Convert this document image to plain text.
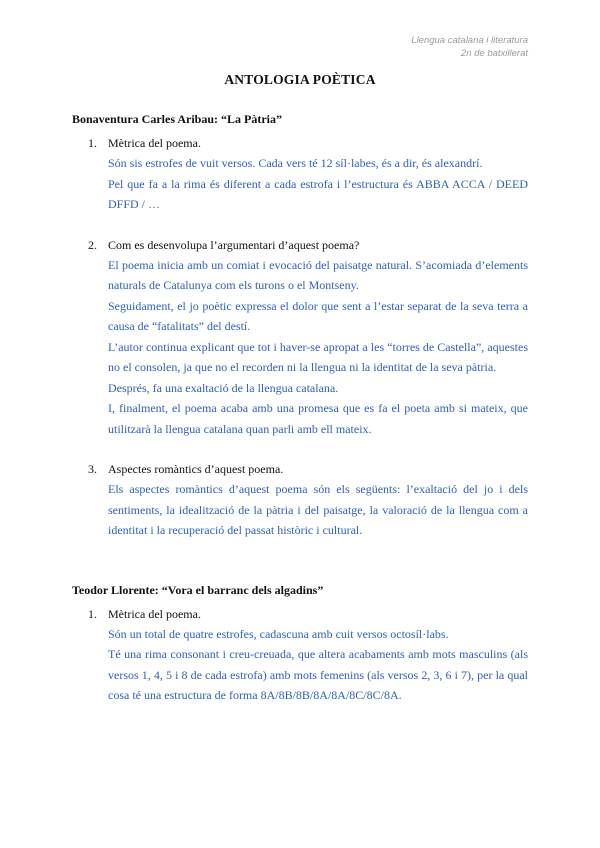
Llengua catalana i literatura
2n de batxillerat
ANTOLOGIA POÈTICA
Bonaventura Carles Aribau: “La Pàtria”
1. Mètrica del poema.

Són sis estrofes de vuit versos. Cada vers té 12 síl·labes, és a dir, és alexandrí.

Pel que fa a la rima és diferent a cada estrofa i l’estructura és ABBA ACCA / DEED DFFD / …

2. Com es desenvolupa l’argumentari d’aquest poema?

El poema inicia amb un comiat i evocació del paisatge natural. S’acomiada d’elements naturals de Catalunya com els turons o el Montseny.

Seguidament, el jo poètic expressa el dolor que sent a l’estar separat de la seva terra a causa de “fatalitats” del destí.

L’autor continua explicant que tot i haver-se apropat a les “torres de Castella”, aquestes no el consolen, ja que no el recorden ni la llengua ni la identitat de la seva pàtria.

Després, fa una exaltació de la llengua catalana.

I, finalment, el poema acaba amb una promesa que es fa el poeta amb si mateix, que utilitzarà la llengua catalana quan parli amb ell mateix.

3. Aspectes romàntics d’aquest poema.

Els aspectes romàntics d’aquest poema són els següents: l’exaltació del jo i dels sentiments, la idealització de la pàtria i del paisatge, la valoració de la llengua com a identitat i la recuperació del passat històric i cultural.

Teodor Llorente: “Vora el barranc dels algadins”
1. Mètrica del poema.

Són un total de quatre estrofes, cadascuna amb cuit versos octosíl·labs.

Té una rima consonant i creu-creuada, que altera acabaments amb mots masculins (als versos 1, 4, 5 i 8 de cada estrofa) amb mots femenins (als versos 2, 3, 6 i 7), per la qual cosa té una estructura de forma 8A/8B/8B/8A/8A/8C/8C/8A.
